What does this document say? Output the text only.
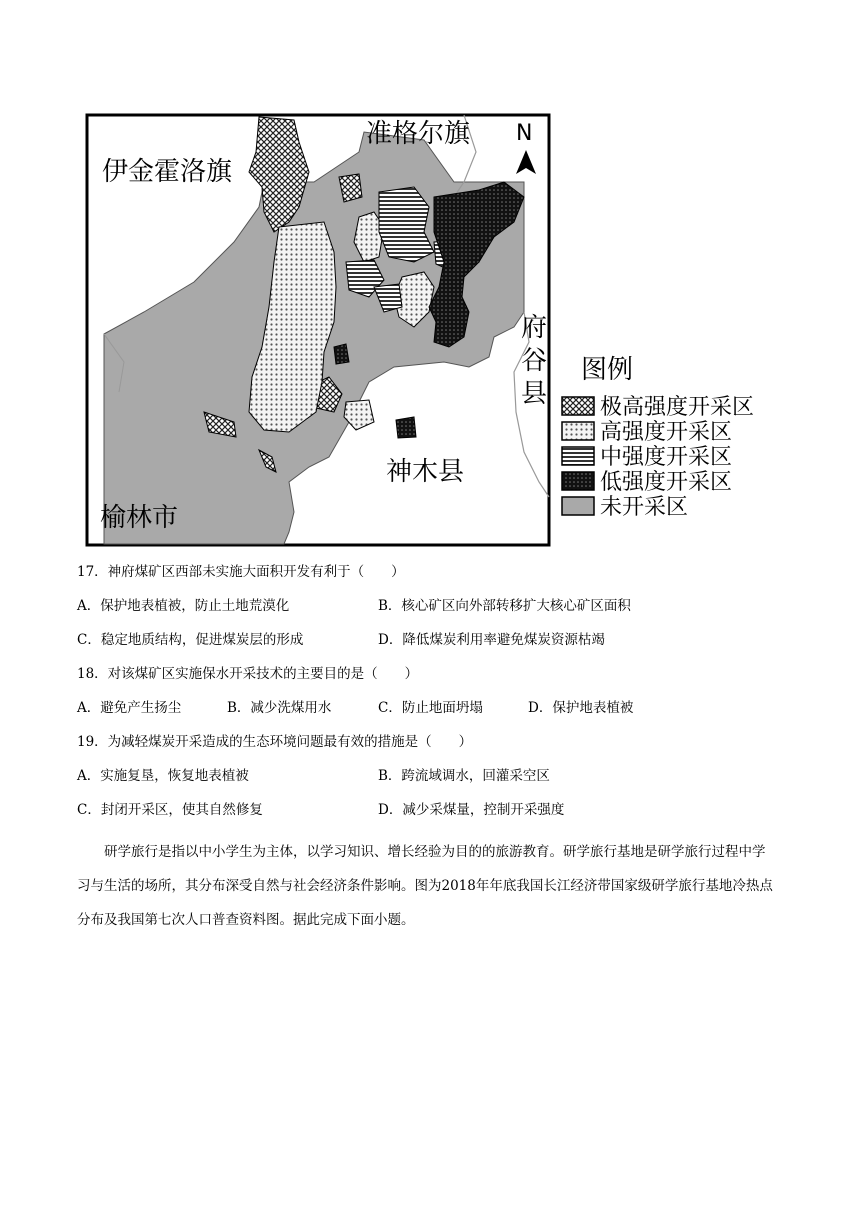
伊金霍洛旗
准格尔旗
神木县
榆林市
N
府
谷
县
图例
极高强度开采区
高强度开采区
中强度开采区
低强度开采区
未开采区
17．神府煤矿区西部未实施大面积开发有利于（　　）
A．保护地表植被，防止土地荒漠化	B．核心矿区向外部转移扩大核心矿区面积
C．稳定地质结构，促进煤炭层的形成	D．降低煤炭利用率避免煤炭资源枯竭
18．对该煤矿区实施保水开采技术的主要目的是（　　）
A．避免产生扬尘	B．减少洗煤用水	C．防止地面坍塌	D．保护地表植被
19．为减轻煤炭开采造成的生态环境问题最有效的措施是（　　）
A．实施复垦，恢复地表植被	B．跨流域调水，回灌采空区
C．封闭开采区，使其自然修复	D．减少采煤量，控制开采强度
研学旅行是指以中小学生为主体，以学习知识、增长经验为目的的旅游教育。研学旅行基地是研学旅行过程中学习与生活的场所，其分布深受自然与社会经济条件影响。图为2018年年底我国长江经济带国家级研学旅行基地冷热点分布及我国第七次人口普查资料图。据此完成下面小题。
